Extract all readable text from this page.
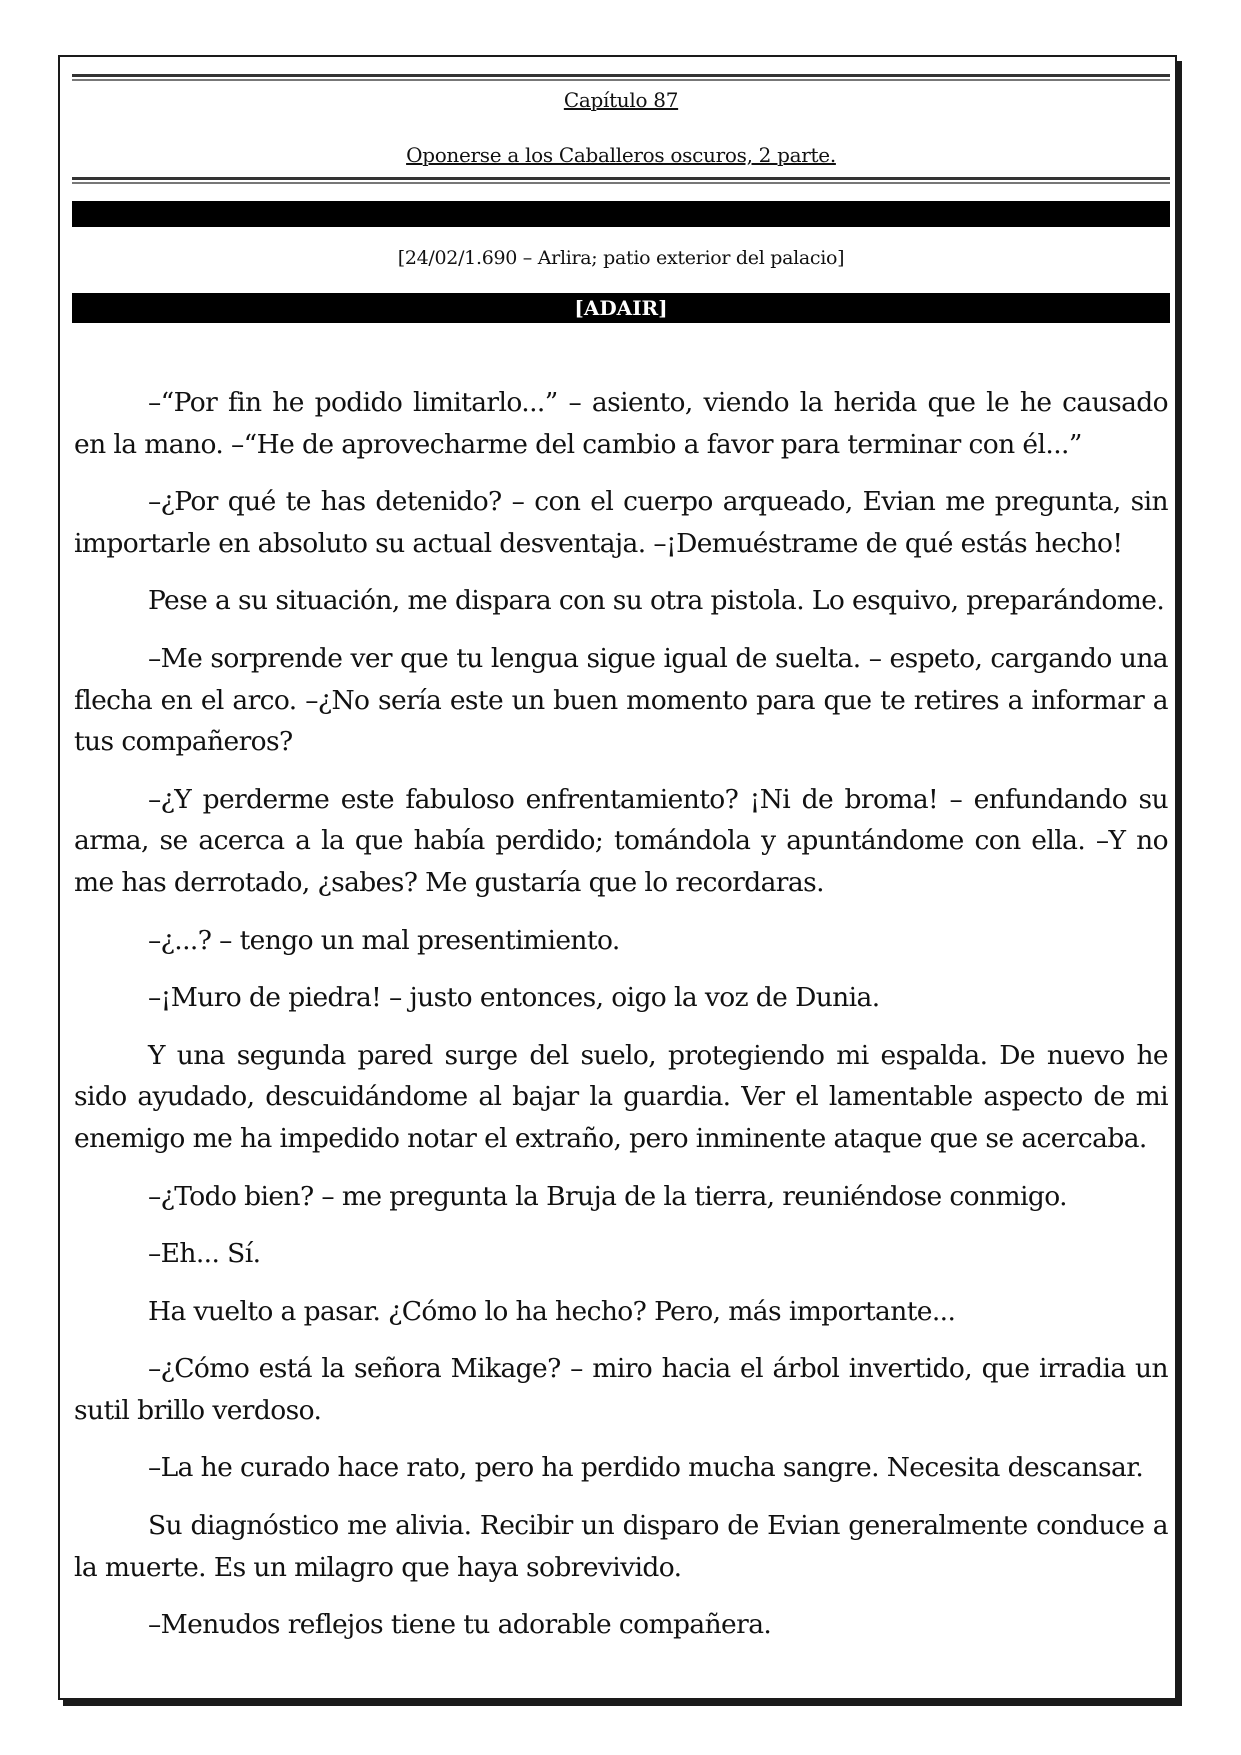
Capítulo 87
Oponerse a los Caballeros oscuros, 2 parte.
[24/02/1.690 – Arlira; patio exterior del palacio]
[ADAIR]

–“Por fin he podido limitarlo...” – asiento, viendo la herida que le he causado en la mano. –“He de aprovecharme del cambio a favor para terminar con él...”

–¿Por qué te has detenido? – con el cuerpo arqueado, Evian me pregunta, sin importarle en absoluto su actual desventaja. –¡Demuéstrame de qué estás hecho!

Pese a su situación, me dispara con su otra pistola. Lo esquivo, preparándome.

–Me sorprende ver que tu lengua sigue igual de suelta. – espeto, cargando una flecha en el arco. –¿No sería este un buen momento para que te retires a informar a tus compañeros?

–¿Y perderme este fabuloso enfrentamiento? ¡Ni de broma! – enfundando su arma, se acerca a la que había perdido; tomándola y apuntándome con ella. –Y no me has derrotado, ¿sabes? Me gustaría que lo recordaras.

–¿...? – tengo un mal presentimiento.

–¡Muro de piedra! – justo entonces, oigo la voz de Dunia.

Y una segunda pared surge del suelo, protegiendo mi espalda. De nuevo he sido ayudado, descuidándome al bajar la guardia. Ver el lamentable aspecto de mi enemigo me ha impedido notar el extraño, pero inminente ataque que se acercaba.

–¿Todo bien? – me pregunta la Bruja de la tierra, reuniéndose conmigo.

–Eh... Sí.

Ha vuelto a pasar. ¿Cómo lo ha hecho? Pero, más importante...

–¿Cómo está la señora Mikage? – miro hacia el árbol invertido, que irradia un sutil brillo verdoso.

–La he curado hace rato, pero ha perdido mucha sangre. Necesita descansar.

Su diagnóstico me alivia. Recibir un disparo de Evian generalmente conduce a la muerte. Es un milagro que haya sobrevivido.

–Menudos reflejos tiene tu adorable compañera.
